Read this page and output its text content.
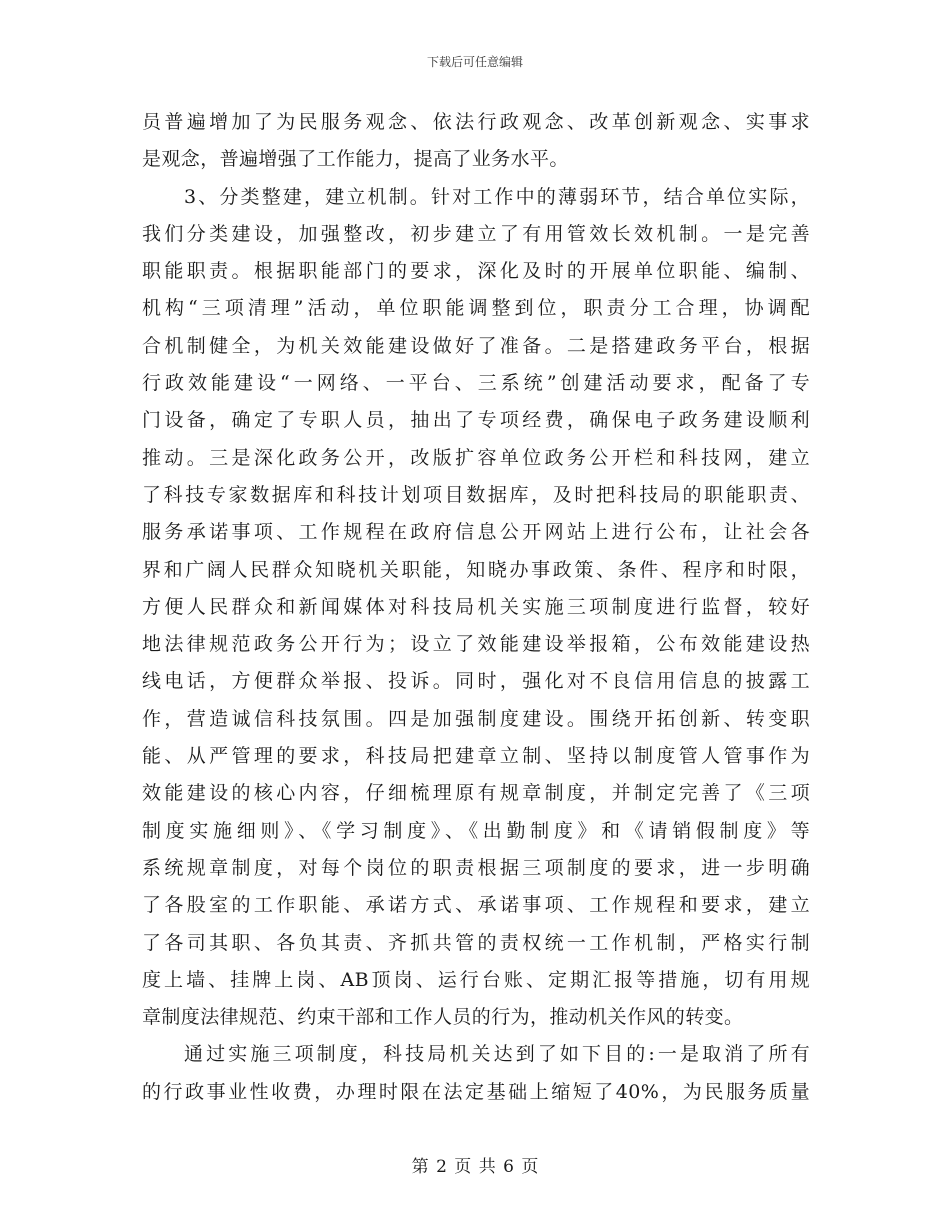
下载后可任意编辑
员普遍增加了为民服务观念、依法行政观念、改革创新观念、实事求
是观念，普遍增强了工作能力，提高了业务水平。
3、分类整建，建立机制。针对工作中的薄弱环节，结合单位实际，
我们分类建设，加强整改，初步建立了有用管效长效机制。一是完善
职能职责。根据职能部门的要求，深化及时的开展单位职能、编制、
机构“三项清理”活动，单位职能调整到位，职责分工合理，协调配
合机制健全，为机关效能建设做好了准备。二是搭建政务平台，根据
行政效能建设“一网络、一平台、三系统”创建活动要求，配备了专
门设备，确定了专职人员，抽出了专项经费，确保电子政务建设顺利
推动。三是深化政务公开，改版扩容单位政务公开栏和科技网，建立
了科技专家数据库和科技计划项目数据库，及时把科技局的职能职责、
服务承诺事项、工作规程在政府信息公开网站上进行公布，让社会各
界和广阔人民群众知晓机关职能，知晓办事政策、条件、程序和时限，
方便人民群众和新闻媒体对科技局机关实施三项制度进行监督，较好
地法律规范政务公开行为；设立了效能建设举报箱，公布效能建设热
线电话，方便群众举报、投诉。同时，强化对不良信用信息的披露工
作，营造诚信科技氛围。四是加强制度建设。围绕开拓创新、转变职
能、从严管理的要求，科技局把建章立制、坚持以制度管人管事作为
效能建设的核心内容，仔细梳理原有规章制度，并制定完善了《三项
制度实施细则》、《学习制度》、《出勤制度》和《请销假制度》等
系统规章制度，对每个岗位的职责根据三项制度的要求，进一步明确
了各股室的工作职能、承诺方式、承诺事项、工作规程和要求，建立
了各司其职、各负其责、齐抓共管的责权统一工作机制，严格实行制
度上墙、挂牌上岗、AB顶岗、运行台账、定期汇报等措施，切有用规
章制度法律规范、约束干部和工作人员的行为，推动机关作风的转变。
通过实施三项制度，科技局机关达到了如下目的:一是取消了所有
的行政事业性收费，办理时限在法定基础上缩短了40%，为民服务质量
第 2 页 共 6 页
